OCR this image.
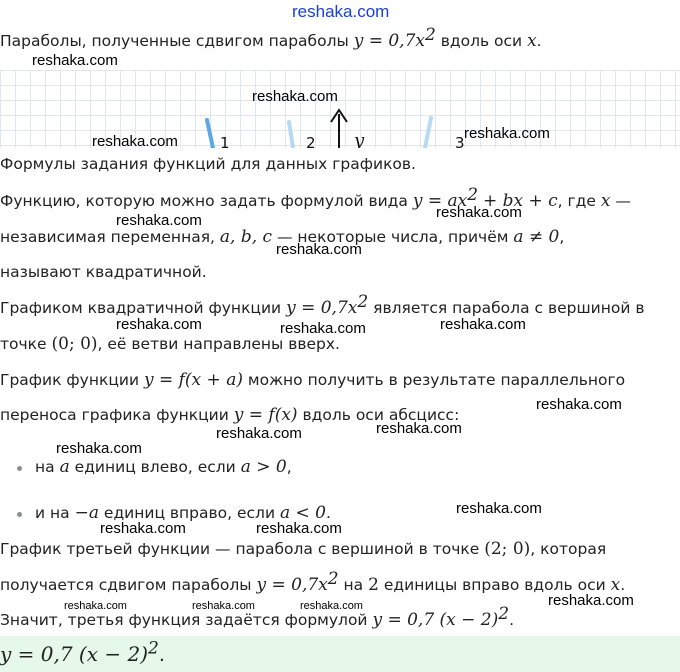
reshaka.com
Параболы, полученные сдвигом параболы $y = 0,7x^2$ вдоль оси x.
y
1	2	3
Формулы задания функций для данных графиков.
Функцию, которую можно задать формулой вида $y = ax^2$ + bx + c, где x —
независимая переменная, a, b, c — некоторые числа, причём a ≠ 0,
называют квадратичной.
Графиком квадратичной функции $y = 0,7x^2$ является парабола с вершиной в
точке (0; 0), её ветви направлены вверх.
График функции y = f(x + a) можно получить в результате параллельного
переноса графика функции y = f(x) вдоль оси абсцисс:
на a единиц влево, если a > 0,
и на −a единиц вправо, если a < 0.
График третьей функции — парабола с вершиной в точке (2; 0), которая
получается сдвигом параболы $y = 0,7x^2$ на 2 единицы вправо вдоль оси x.
Значит, третья функция задаётся формулой y = 0,7 $(x - 2)^2$.
y = 0,7 $(x - 2)^2$.
reshaka.com
reshaka.com
reshaka.com	reshaka.com
reshaka.com	reshaka.com
reshaka.com
reshaka.com	reshaka.com	reshaka.com
reshaka.com
reshaka.com	reshaka.com
reshaka.com
reshaka.com
reshaka.com	reshaka.com
reshaka.com
reshaka.com	reshaka.com	reshaka.com
